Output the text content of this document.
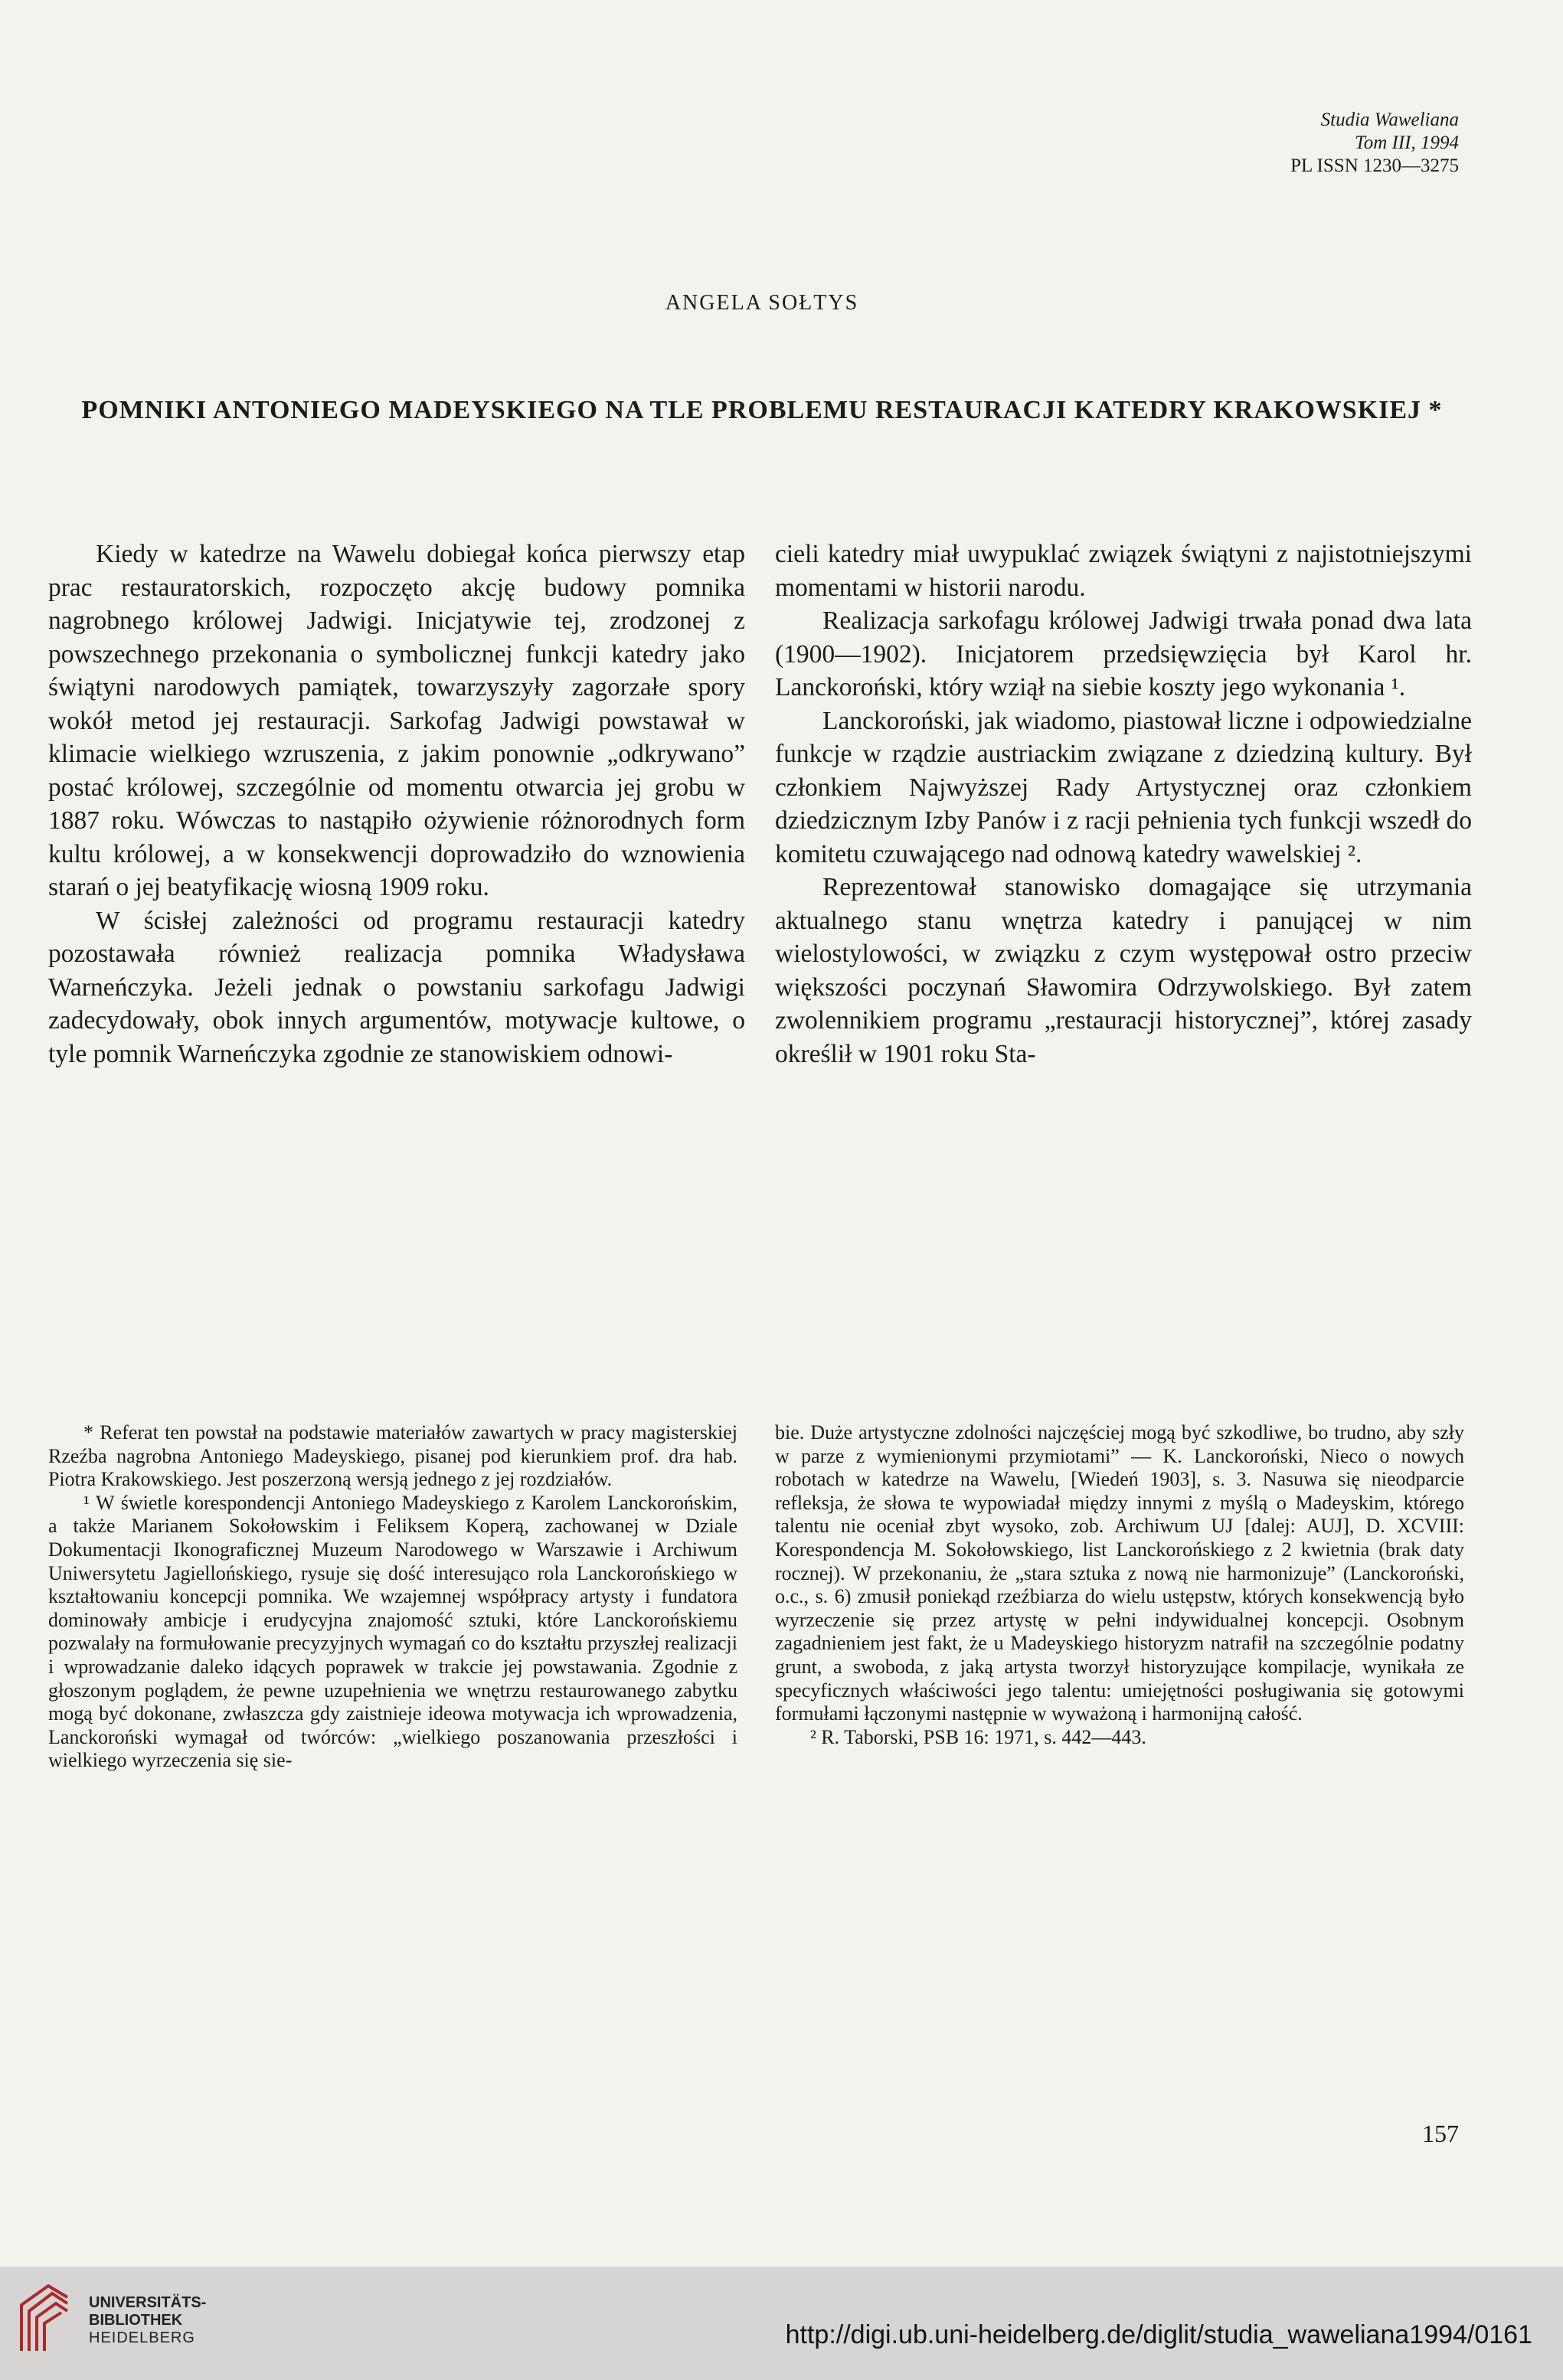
Studia Waweliana
Tom III, 1994
PL ISSN 1230—3275
ANGELA SOŁTYS
POMNIKI ANTONIEGO MADEYSKIEGO NA TLE PROBLEMU RESTAURACJI KATEDRY KRAKOWSKIEJ *

Kiedy w katedrze na Wawelu dobiegał końca pierwszy etap prac restauratorskich, rozpoczęto akcję budowy pomnika nagrobnego królowej Jadwigi. Inicjatywie tej, zrodzonej z powszechnego przekonania o symbolicznej funkcji katedry jako świątyni narodowych pamiątek, towarzyszyły zagorzałe spory wokół metod jej restauracji. Sarkofag Jadwigi powstawał w klimacie wielkiego wzruszenia, z jakim ponownie „odkrywano” postać królowej, szczególnie od momentu otwarcia jej grobu w 1887 roku. Wówczas to nastąpiło ożywienie różnorodnych form kultu królowej, a w konsekwencji doprowadziło do wznowienia starań o jej beatyfikację wiosną 1909 roku.

W ścisłej zależności od programu restauracji katedry pozostawała również realizacja pomnika Władysława Warneńczyka. Jeżeli jednak o powstaniu sarkofagu Jadwigi zadecydowały, obok innych argumentów, motywacje kultowe, o tyle pomnik Warneńczyka zgodnie ze stanowiskiem odnowi-

cieli katedry miał uwypuklać związek świątyni z najistotniejszymi momentami w historii narodu.

Realizacja sarkofagu królowej Jadwigi trwała ponad dwa lata (1900—1902). Inicjatorem przedsięwzięcia był Karol hr. Lanckoroński, który wziął na siebie koszty jego wykonania ¹.

Lanckoroński, jak wiadomo, piastował liczne i odpowiedzialne funkcje w rządzie austriackim związane z dziedziną kultury. Był członkiem Najwyższej Rady Artystycznej oraz członkiem dziedzicznym Izby Panów i z racji pełnienia tych funkcji wszedł do komitetu czuwającego nad odnową katedry wawelskiej ².

Reprezentował stanowisko domagające się utrzymania aktualnego stanu wnętrza katedry i panującej w nim wielostylowości, w związku z czym występował ostro przeciw większości poczynań Sławomira Odrzywolskiego. Był zatem zwolennikiem programu „restauracji historycznej”, której zasady określił w 1901 roku Sta-

* Referat ten powstał na podstawie materiałów zawartych w pracy magisterskiej Rzeźba nagrobna Antoniego Madeyskiego, pisanej pod kierunkiem prof. dra hab. Piotra Krakowskiego. Jest poszerzoną wersją jednego z jej rozdziałów.

¹ W świetle korespondencji Antoniego Madeyskiego z Karolem Lanckorońskim, a także Marianem Sokołowskim i Feliksem Koperą, zachowanej w Dziale Dokumentacji Ikonograficznej Muzeum Narodowego w Warszawie i Archiwum Uniwersytetu Jagiellońskiego, rysuje się dość interesująco rola Lanckorońskiego w kształtowaniu koncepcji pomnika. We wzajemnej współpracy artysty i fundatora dominowały ambicje i erudycyjna znajomość sztuki, które Lanckorońskiemu pozwalały na formułowanie precyzyjnych wymagań co do kształtu przyszłej realizacji i wprowadzanie daleko idących poprawek w trakcie jej powstawania. Zgodnie z głoszonym poglądem, że pewne uzupełnienia we wnętrzu restaurowanego zabytku mogą być dokonane, zwłaszcza gdy zaistnieje ideowa motywacja ich wprowadzenia, Lanckoroński wymagał od twórców: „wielkiego poszanowania przeszłości i wielkiego wyrzeczenia się sie-

bie. Duże artystyczne zdolności najczęściej mogą być szkodliwe, bo trudno, aby szły w parze z wymienionymi przymiotami” — K. Lanckoroński, Nieco o nowych robotach w katedrze na Wawelu, [Wiedeń 1903], s. 3. Nasuwa się nieodparcie refleksja, że słowa te wypowiadał między innymi z myślą o Madeyskim, którego talentu nie oceniał zbyt wysoko, zob. Archiwum UJ [dalej: AUJ], D. XCVIII: Korespondencja M. Sokołowskiego, list Lanckorońskiego z 2 kwietnia (brak daty rocznej). W przekonaniu, że „stara sztuka z nową nie harmonizuje” (Lanckoroński, o.c., s. 6) zmusił poniekąd rzeźbiarza do wielu ustępstw, których konsekwencją było wyrzeczenie się przez artystę w pełni indywidualnej koncepcji. Osobnym zagadnieniem jest fakt, że u Madeyskiego historyzm natrafił na szczególnie podatny grunt, a swoboda, z jaką artysta tworzył historyzujące kompilacje, wynikała ze specyficznych właściwości jego talentu: umiejętności posługiwania się gotowymi formułami łączonymi następnie w wyważoną i harmonijną całość.

² R. Taborski, PSB 16: 1971, s. 442—443.

157
UNIVERSITÄTS-
BIBLIOTHEK
HEIDELBERG	http://digi.ub.uni-heidelberg.de/diglit/studia_waweliana1994/0161
